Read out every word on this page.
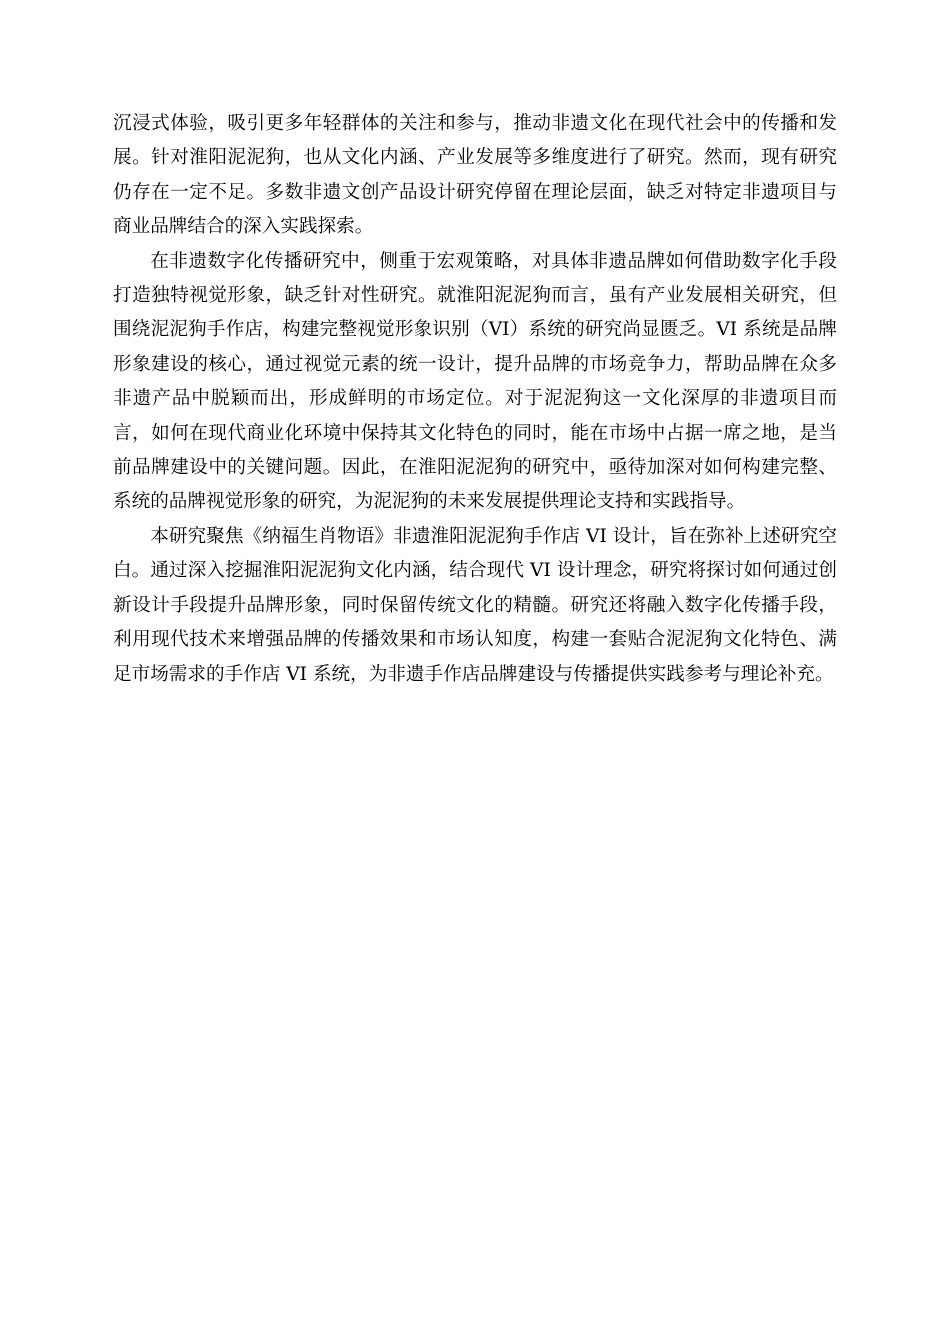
沉浸式体验，吸引更多年轻群体的关注和参与，推动非遗文化在现代社会中的传播和发展。针对淮阳泥泥狗，也从文化内涵、产业发展等多维度进行了研究。然而，现有研究仍存在一定不足。多数非遗文创产品设计研究停留在理论层面，缺乏对特定非遗项目与商业品牌结合的深入实践探索。

在非遗数字化传播研究中，侧重于宏观策略，对具体非遗品牌如何借助数字化手段打造独特视觉形象，缺乏针对性研究。就淮阳泥泥狗而言，虽有产业发展相关研究，但围绕泥泥狗手作店，构建完整视觉形象识别（VI）系统的研究尚显匮乏。VI 系统是品牌形象建设的核心，通过视觉元素的统一设计，提升品牌的市场竞争力，帮助品牌在众多非遗产品中脱颖而出，形成鲜明的市场定位。对于泥泥狗这一文化深厚的非遗项目而言，如何在现代商业化环境中保持其文化特色的同时，能在市场中占据一席之地，是当前品牌建设中的关键问题。因此，在淮阳泥泥狗的研究中，亟待加深对如何构建完整、系统的品牌视觉形象的研究，为泥泥狗的未来发展提供理论支持和实践指导。

本研究聚焦《纳福生肖物语》非遗淮阳泥泥狗手作店 VI 设计，旨在弥补上述研究空白。通过深入挖掘淮阳泥泥狗文化内涵，结合现代 VI 设计理念，研究将探讨如何通过创新设计手段提升品牌形象，同时保留传统文化的精髓。研究还将融入数字化传播手段，利用现代技术来增强品牌的传播效果和市场认知度，构建一套贴合泥泥狗文化特色、满足市场需求的手作店 VI 系统，为非遗手作店品牌建设与传播提供实践参考与理论补充。
